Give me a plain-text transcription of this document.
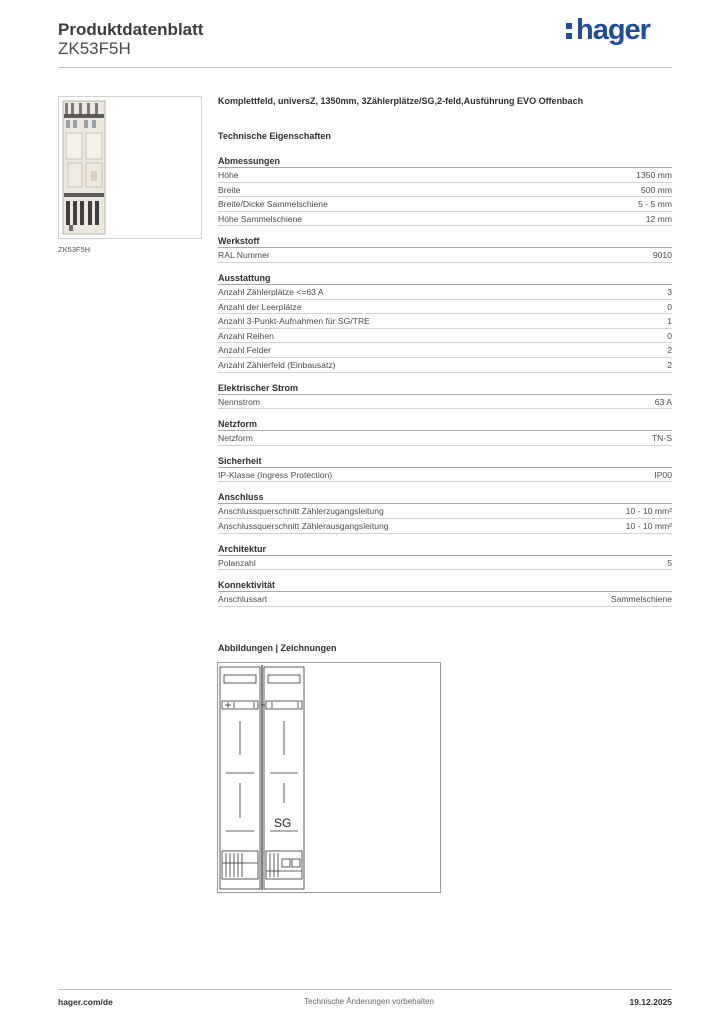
Produktdatenblatt
ZK53F5H
hager
ZK53F5H
Komplettfeld, universZ, 1350mm, 3Zählerplätze/SG,2-feld,Ausführung EVO Offenbach
Technische Eigenschaften
Abmessungen
Höhe	1350 mm
Breite	500 mm
Breite/Dicke Sammelschiene	5 - 5 mm
Höhe Sammelschiene	12 mm
Werkstoff
RAL Nummer	9010
Ausstattung
Anzahl Zählerplätze <=63 A	3
Anzahl der Leerplätze	0
Anzahl 3-Punkt-Aufnahmen für SG/TRE	1
Anzahl Reihen	0
Anzahl Felder	2
Anzahl Zählerfeld (Einbausatz)	2
Elektrischer Strom
Nennstrom	63 A
Netzform
Netzform	TN-S
Sicherheit
IP-Klasse (Ingress Protection)	IP00
Anschluss
Anschlussquerschnitt Zählerzugangsleitung	10 - 10 mm²
Anschlussquerschnitt Zählerausgangsleitung	10 - 10 mm²
Architektur
Polanzahl	5
Konnektivität
Anschlussart	Sammelschiene
Abbildungen | Zeichnungen
SG
hager.com/de	Technische Änderungen vorbehalten	19.12.2025
